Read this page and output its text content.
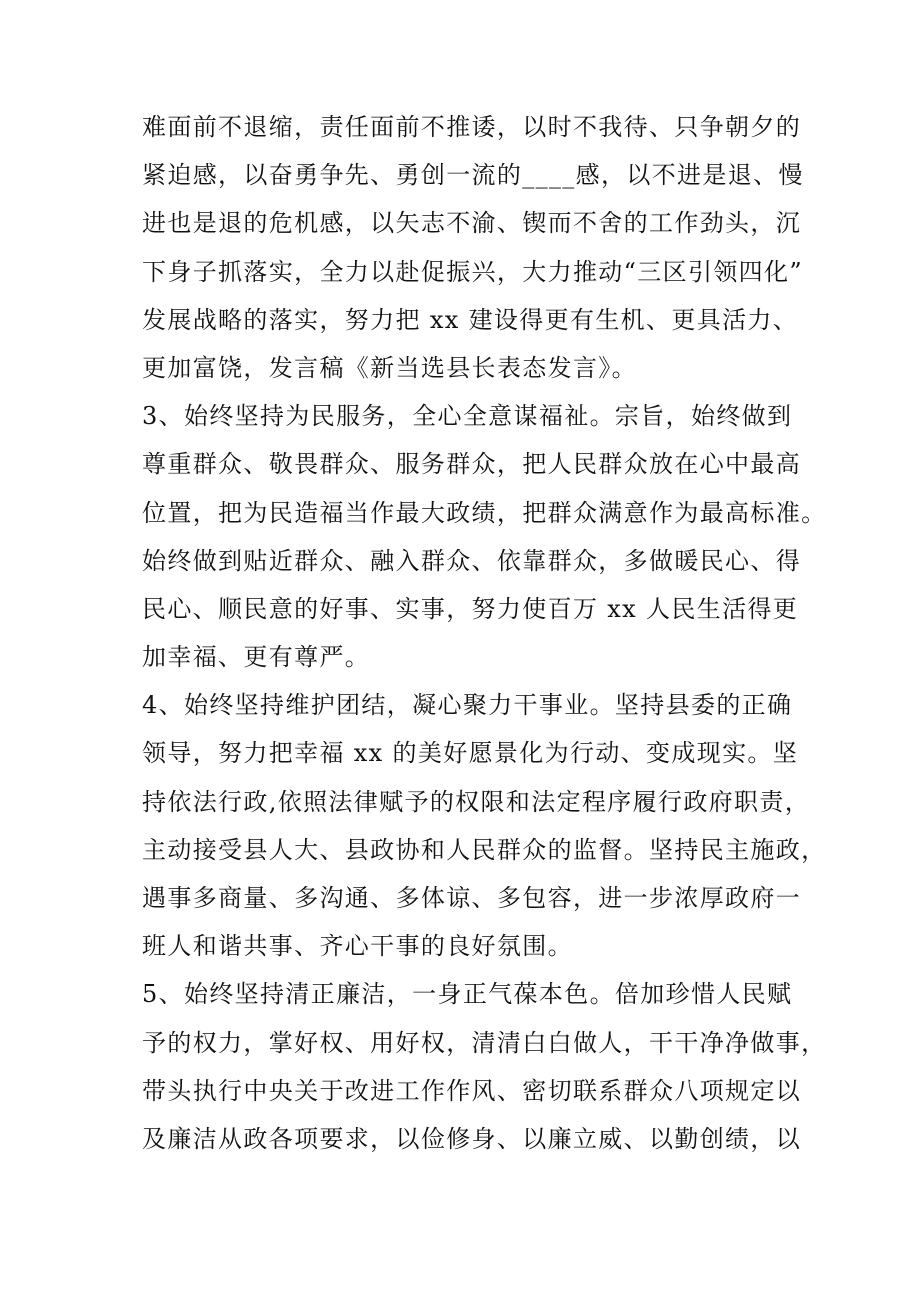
难面前不退缩，责任面前不推诿，以时不我待、只争朝夕的
紧迫感，以奋勇争先、勇创一流的____感，以不进是退、慢
进也是退的危机感，以矢志不渝、锲而不舍的工作劲头，沉
下身子抓落实，全力以赴促振兴，大力推动“三区引领四化”
发展战略的落实，努力把 xx 建设得更有生机、更具活力、
更加富饶，发言稿《新当选县长表态发言》。
3、始终坚持为民服务，全心全意谋福祉。宗旨，始终做到
尊重群众、敬畏群众、服务群众，把人民群众放在心中最高
位置，把为民造福当作最大政绩，把群众满意作为最高标准。
始终做到贴近群众、融入群众、依靠群众，多做暖民心、得
民心、顺民意的好事、实事，努力使百万 xx 人民生活得更
加幸福、更有尊严。
4、始终坚持维护团结，凝心聚力干事业。坚持县委的正确
领导，努力把幸福 xx 的美好愿景化为行动、变成现实。坚
持依法行政,依照法律赋予的权限和法定程序履行政府职责，
主动接受县人大、县政协和人民群众的监督。坚持民主施政，
遇事多商量、多沟通、多体谅、多包容，进一步浓厚政府一
班人和谐共事、齐心干事的良好氛围。
5、始终坚持清正廉洁，一身正气葆本色。倍加珍惜人民赋
予的权力，掌好权、用好权，清清白白做人，干干净净做事，
带头执行中央关于改进工作作风、密切联系群众八项规定以
及廉洁从政各项要求，以俭修身、以廉立威、以勤创绩，以
